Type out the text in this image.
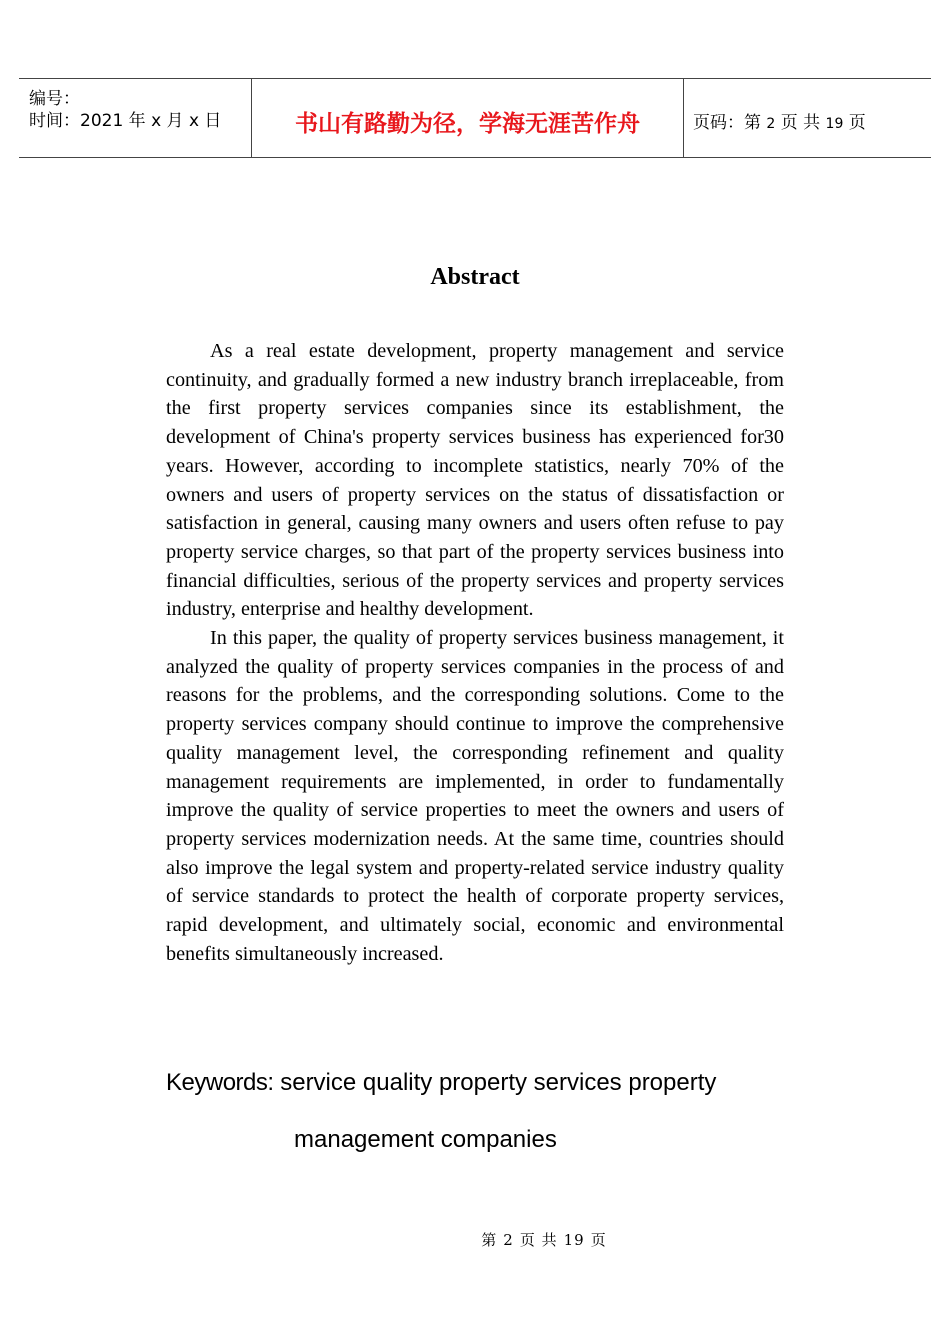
编号：
时间：2021 年 x 月 x 日	书山有路勤为径，学海无涯苦作舟	页码：第 2 页 共 19 页
Abstract

As a real estate development, property management and service continuity, and gradually formed a new industry branch irreplaceable, from the first property services companies since its establishment, the development of China's property services business has experienced for30 years. However, according to incomplete statistics, nearly 70% of the owners and users of property services on the status of dissatisfaction or satisfaction in general, causing many owners and users often refuse to pay property service charges, so that part of the property services business into financial difficulties, serious of the property services and property services industry, enterprise and healthy development.

In this paper, the quality of property services business management, it analyzed the quality of property services companies in the process of and reasons for the problems, and the corresponding solutions. Come to the property services company should continue to improve the comprehensive quality management level, the corresponding refinement and quality management requirements are implemented, in order to fundamentally improve the quality of service properties to meet the owners and users of property services modernization needs. At the same time, countries should also improve the legal system and property-related service industry quality of service standards to protect the health of corporate property services, rapid development, and ultimately social, economic and environmental benefits simultaneously increased.

Keywords: service quality property services property
management companies
第 2 页 共 19 页
